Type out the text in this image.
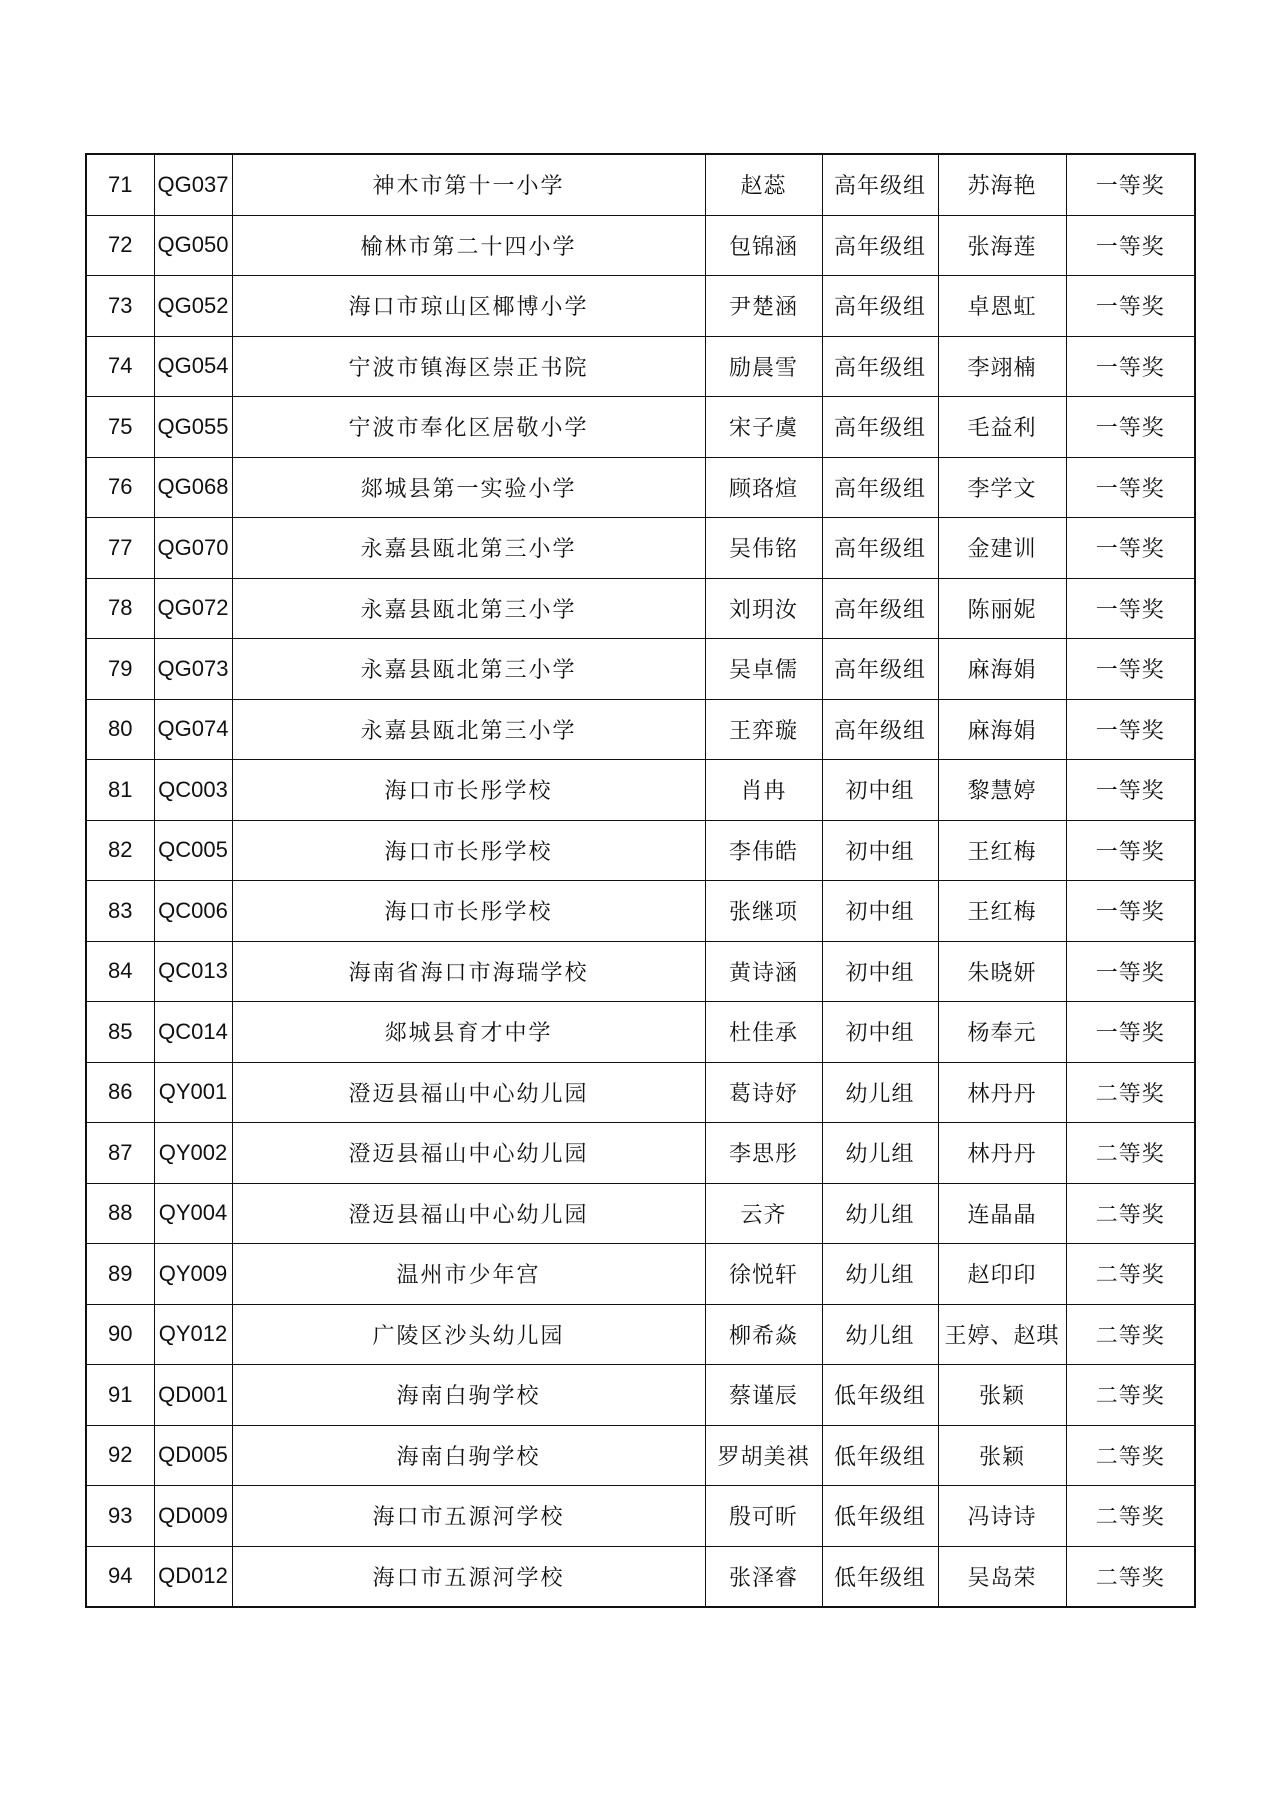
71	QG037	神木市第十一小学	赵蕊	高年级组	苏海艳	一等奖
72	QG050	榆林市第二十四小学	包锦涵	高年级组	张海莲	一等奖
73	QG052	海口市琼山区椰博小学	尹楚涵	高年级组	卓恩虹	一等奖
74	QG054	宁波市镇海区崇正书院	励晨雪	高年级组	李翊楠	一等奖
75	QG055	宁波市奉化区居敬小学	宋子虞	高年级组	毛益利	一等奖
76	QG068	郯城县第一实验小学	顾珞煊	高年级组	李学文	一等奖
77	QG070	永嘉县瓯北第三小学	吴伟铭	高年级组	金建训	一等奖
78	QG072	永嘉县瓯北第三小学	刘玥汝	高年级组	陈丽妮	一等奖
79	QG073	永嘉县瓯北第三小学	吴卓儒	高年级组	麻海娟	一等奖
80	QG074	永嘉县瓯北第三小学	王弈璇	高年级组	麻海娟	一等奖
81	QC003	海口市长彤学校	肖冉	初中组	黎慧婷	一等奖
82	QC005	海口市长彤学校	李伟皓	初中组	王红梅	一等奖
83	QC006	海口市长彤学校	张继项	初中组	王红梅	一等奖
84	QC013	海南省海口市海瑞学校	黄诗涵	初中组	朱晓妍	一等奖
85	QC014	郯城县育才中学	杜佳承	初中组	杨奉元	一等奖
86	QY001	澄迈县福山中心幼儿园	葛诗妤	幼儿组	林丹丹	二等奖
87	QY002	澄迈县福山中心幼儿园	李思彤	幼儿组	林丹丹	二等奖
88	QY004	澄迈县福山中心幼儿园	云齐	幼儿组	连晶晶	二等奖
89	QY009	温州市少年宫	徐悦轩	幼儿组	赵印印	二等奖
90	QY012	广陵区沙头幼儿园	柳希焱	幼儿组	王婷、赵琪	二等奖
91	QD001	海南白驹学校	蔡谨辰	低年级组	张颖	二等奖
92	QD005	海南白驹学校	罗胡美祺	低年级组	张颖	二等奖
93	QD009	海口市五源河学校	殷可昕	低年级组	冯诗诗	二等奖
94	QD012	海口市五源河学校	张泽睿	低年级组	吴岛荣	二等奖
